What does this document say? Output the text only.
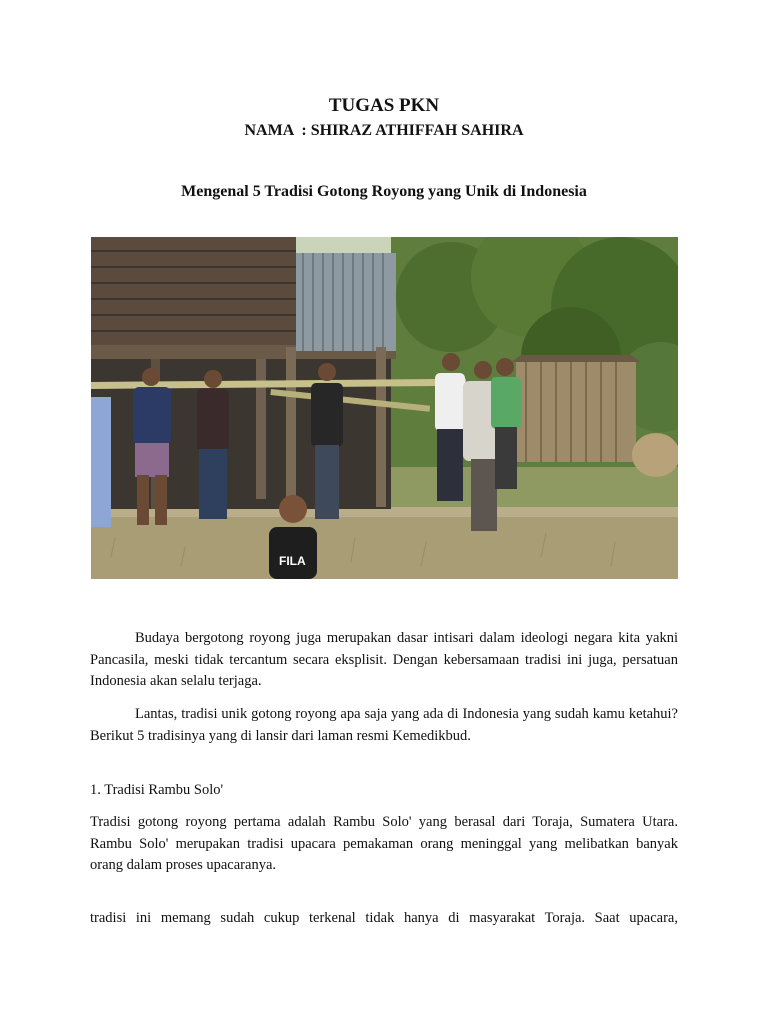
TUGAS PKN
NAMA : SHIRAZ ATHIFFAH SAHIRA
Mengenal 5 Tradisi Gotong Royong yang Unik di Indonesia
FILA

Budaya bergotong royong juga merupakan dasar intisari dalam ideologi negara kita yakni Pancasila, meski tidak tercantum secara eksplisit. Dengan kebersamaan tradisi ini juga, persatuan Indonesia akan selalu terjaga.

Lantas, tradisi unik gotong royong apa saja yang ada di Indonesia yang sudah kamu ketahui? Berikut 5 tradisinya yang di lansir dari laman resmi Kemedikbud.

1. Tradisi Rambu Solo'

Tradisi gotong royong pertama adalah Rambu Solo' yang berasal dari Toraja, Sumatera Utara. Rambu Solo' merupakan tradisi upacara pemakaman orang meninggal yang melibatkan banyak orang dalam proses upacaranya.

tradisi ini memang sudah cukup terkenal tidak hanya di masyarakat Toraja. Saat upacara,
